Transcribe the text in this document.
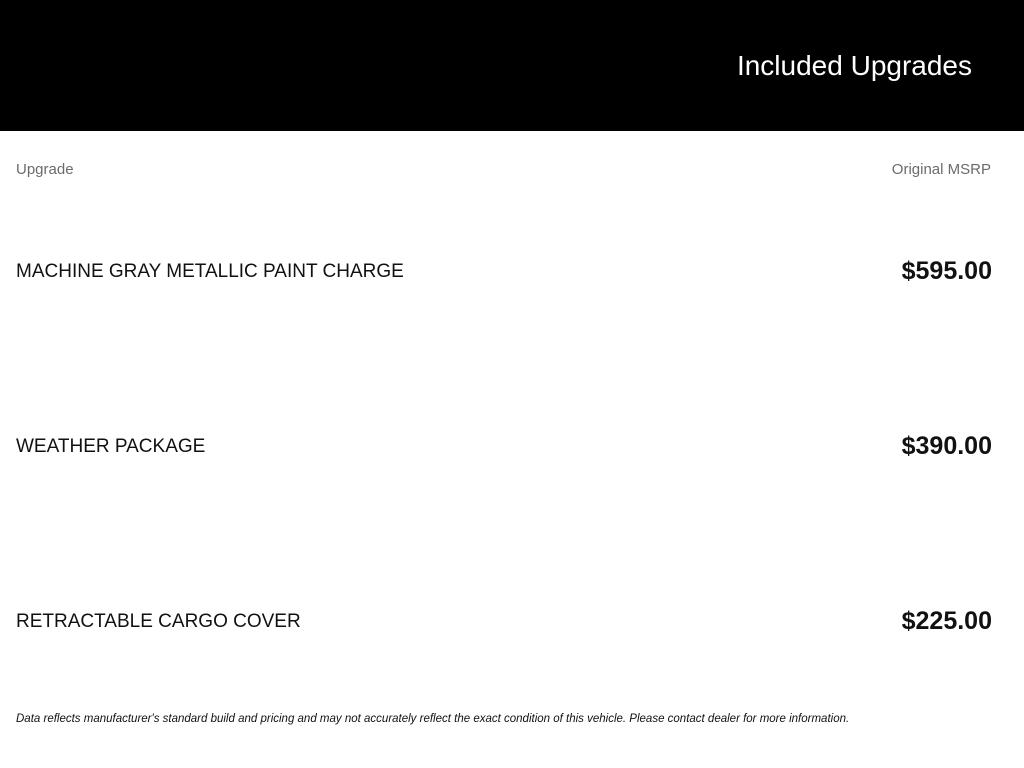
Included Upgrades
Upgrade	Original MSRP
MACHINE GRAY METALLIC PAINT CHARGE	$595.00
WEATHER PACKAGE	$390.00
RETRACTABLE CARGO COVER	$225.00
Data reflects manufacturer's standard build and pricing and may not accurately reflect the exact condition of this vehicle. Please contact dealer for more information.
